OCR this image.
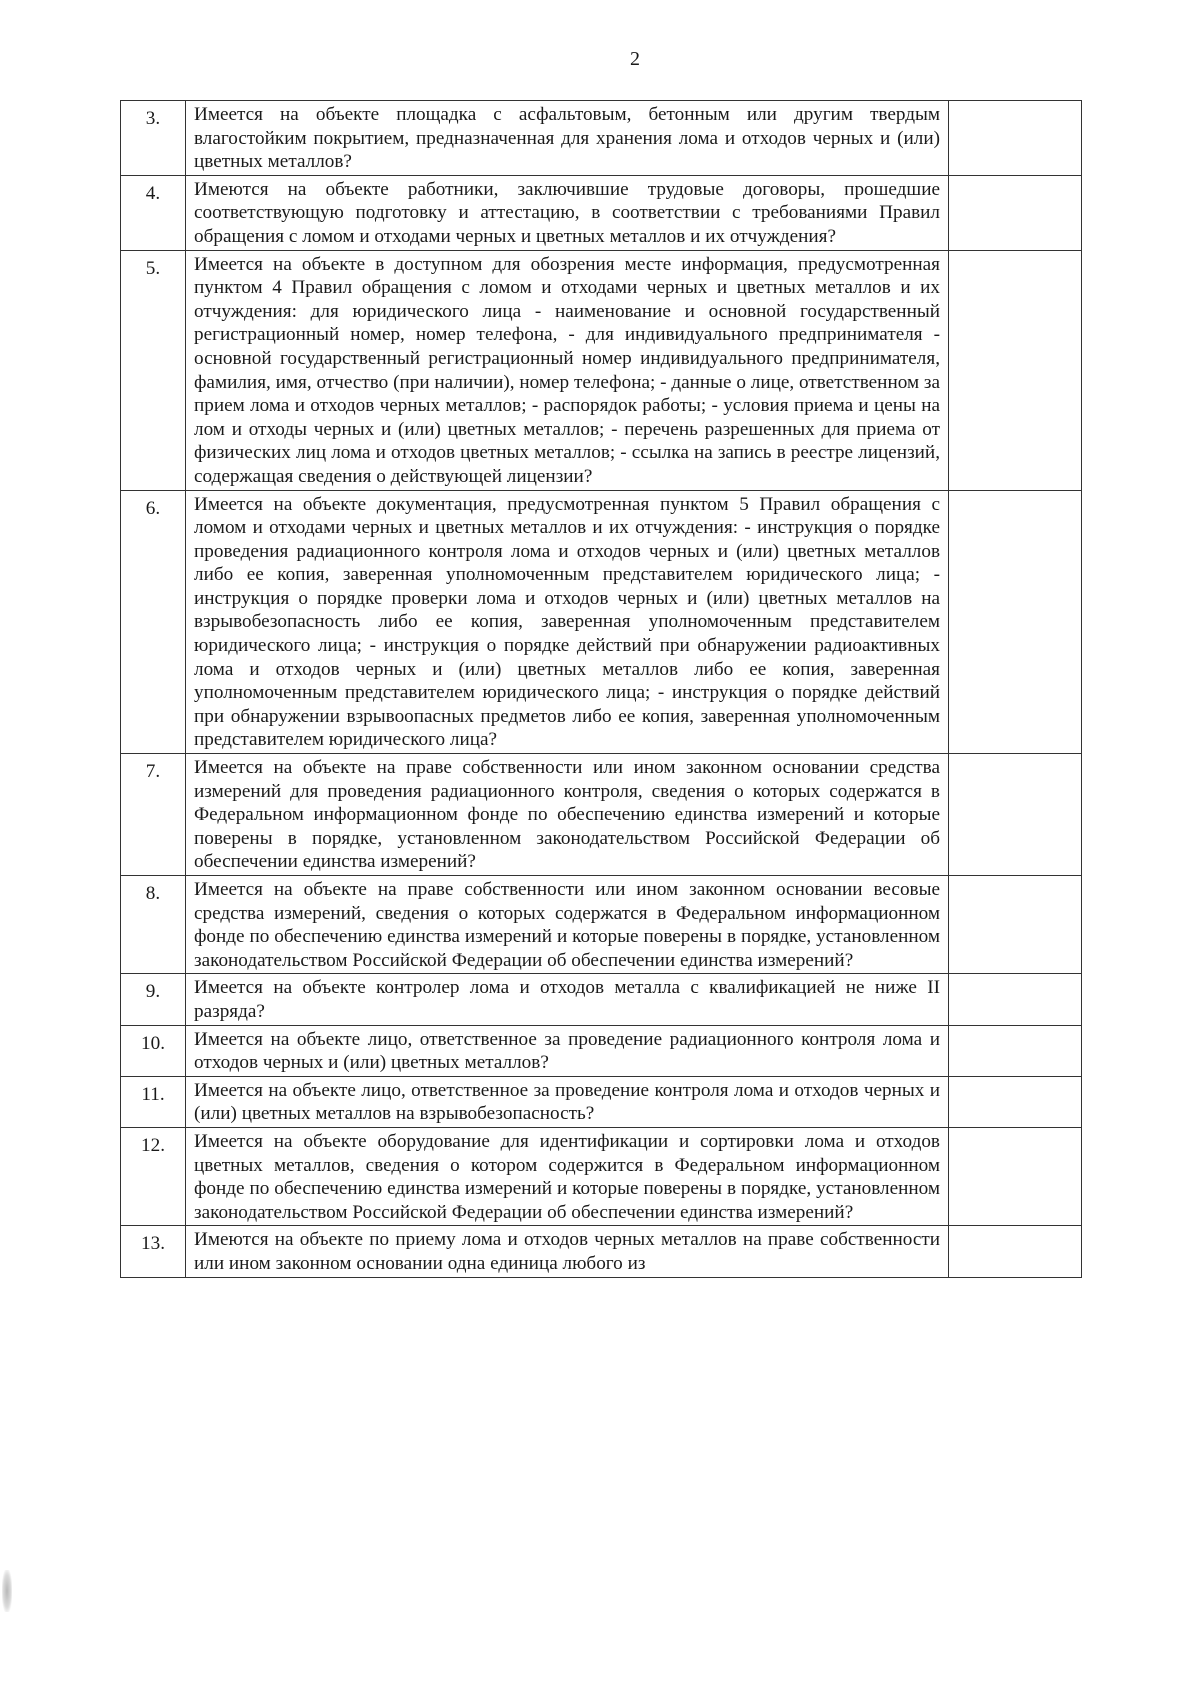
2
3.	Имеется на объекте площадка с асфальтовым, бетонным или другим твердым влагостойким покрытием, предназначенная для хранения лома и отходов черных и (или) цветных металлов?	
4.	Имеются на объекте работники, заключившие трудовые договоры, прошедшие соответствующую подготовку и аттестацию, в соответствии с требованиями Правил обращения с ломом и отходами черных и цветных металлов и их отчуждения?	
5.	Имеется на объекте в доступном для обозрения месте информация, предусмотренная пунктом 4 Правил обращения с ломом и отходами черных и цветных металлов и их отчуждения: для юридического лица - наименование и основной государственный регистрационный номер, номер телефона, - для индивидуального предпринимателя - основной государственный регистрационный номер индивидуального предпринимателя, фамилия, имя, отчество (при наличии), номер телефона; - данные о лице, ответственном за прием лома и отходов черных металлов; - распорядок работы; - условия приема и цены на лом и отходы черных и (или) цветных металлов; - перечень разрешенных для приема от физических лиц лома и отходов цветных металлов; - ссылка на запись в реестре лицензий, содержащая сведения о действующей лицензии?	
6.	Имеется на объекте документация, предусмотренная пунктом 5 Правил обращения с ломом и отходами черных и цветных металлов и их отчуждения: - инструкция о порядке проведения радиационного контроля лома и отходов черных и (или) цветных металлов либо ее копия, заверенная уполномоченным представителем юридического лица; - инструкция о порядке проверки лома и отходов черных и (или) цветных металлов на взрывобезопасность либо ее копия, заверенная уполномоченным представителем юридического лица; - инструкция о порядке действий при обнаружении радиоактивных лома и отходов черных и (или) цветных металлов либо ее копия, заверенная уполномоченным представителем юридического лица; - инструкция о порядке действий при обнаружении взрывоопасных предметов либо ее копия, заверенная уполномоченным представителем юридического лица?	
7.	Имеется на объекте на праве собственности или ином законном основании средства измерений для проведения радиационного контроля, сведения о которых содержатся в Федеральном информационном фонде по обеспечению единства измерений и которые поверены в порядке, установленном законодательством Российской Федерации об обеспечении единства измерений?	
8.	Имеется на объекте на праве собственности или ином законном основании весовые средства измерений, сведения о которых содержатся в Федеральном информационном фонде по обеспечению единства измерений и которые поверены в порядке, установленном законодательством Российской Федерации об обеспечении единства измерений?	
9.	Имеется на объекте контролер лома и отходов металла с квалификацией не ниже II разряда?	
10.	Имеется на объекте лицо, ответственное за проведение радиационного контроля лома и отходов черных и (или) цветных металлов?	
11.	Имеется на объекте лицо, ответственное за проведение контроля лома и отходов черных и (или) цветных металлов на взрывобезопасность?	
12.	Имеется на объекте оборудование для идентификации и сортировки лома и отходов цветных металлов, сведения о котором содержится в Федеральном информационном фонде по обеспечению единства измерений и которые поверены в порядке, установленном законодательством Российской Федерации об обеспечении единства измерений?	
13.	Имеются на объекте по приему лома и отходов черных металлов на праве собственности или ином законном основании одна единица любого из	
